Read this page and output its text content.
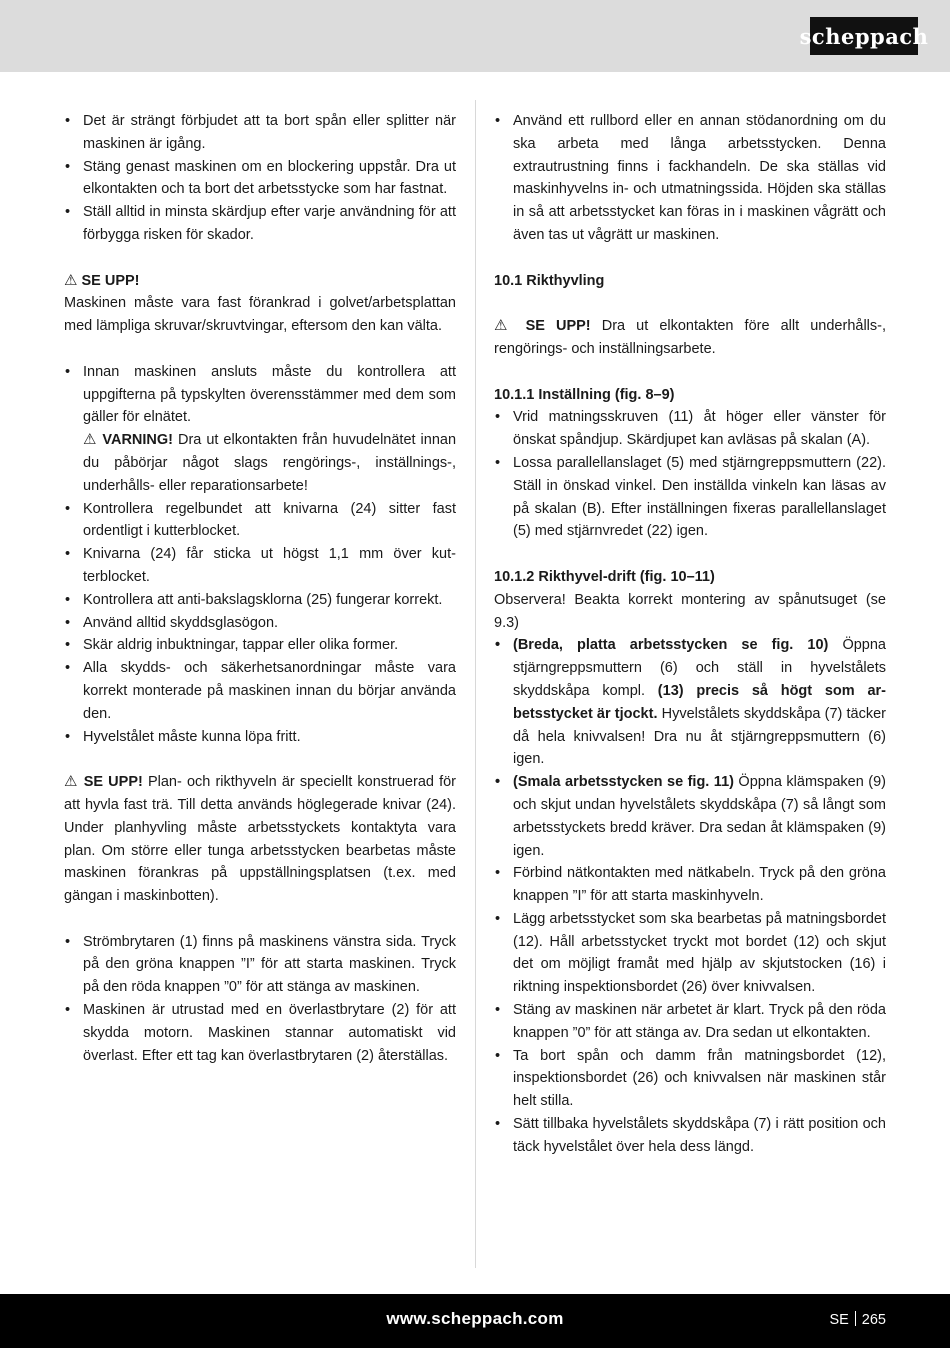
scheppach
• Det är strängt förbjudet att ta bort spån eller splitter när maskinen är igång.
• Stäng genast maskinen om en blockering uppstår. Dra ut elkontakten och ta bort det arbetsstycke som har fastnat.
• Ställ alltid in minsta skärdjup efter varje användning för att förbygga risken för skador.

⚠ SE UPP!

Maskinen måste vara fast förankrad i golvet/arbetsplattan med lämpliga skruvar/skruvtvingar, eftersom den kan välta.

• Innan maskinen ansluts måste du kontrollera att uppgifterna på typskylten överensstämmer med dem som gäller för elnätet.
⚠ VARNING! Dra ut elkontakten från huvudelnätet innan du påbörjar något slags rengörings-, inställnings-, underhålls- eller reparationsarbete!
• Kontrollera regelbundet att knivarna (24) sitter fast ordentligt i kutterblocket.
• Knivarna (24) får sticka ut högst 1,1 mm över kutterblocket.
• Kontrollera att anti-bakslagsklorna (25) fungerar korrekt.
• Använd alltid skyddsglasögon.
• Skär aldrig inbuktningar, tappar eller olika former.
• Alla skydds- och säkerhetsanordningar måste vara korrekt monterade på maskinen innan du börjar använda den.
• Hyvelstålet måste kunna löpa fritt.

⚠ SE UPP! Plan- och rikthyveln är speciellt konstruerad för att hyvla fast trä. Till detta används höglegerade knivar (24). Under planhyvling måste arbetsstyckets kontaktyta vara plan. Om större eller tunga arbetsstycken bearbetas måste maskinen förankras på uppställningsplatsen (t.ex. med gängan i maskinbotten).

• Strömbrytaren (1) finns på maskinens vänstra sida. Tryck på den gröna knappen ”I” för att starta maskinen. Tryck på den röda knappen ”0” för att stänga av maskinen.
• Maskinen är utrustad med en överlastbrytare (2) för att skydda motorn. Maskinen stannar automatiskt vid överlast. Efter ett tag kan överlastbrytaren (2) återställas.
• Använd ett rullbord eller en annan stödanordning om du ska arbeta med långa arbetsstycken. Denna extrautrustning finns i fackhandeln. De ska ställas vid maskinhyvelns in- och utmatningssida. Höjden ska ställas in så att arbetsstycket kan föras in i maskinen vågrätt och även tas ut vågrätt ur maskinen.

10.1 Rikthyvling

⚠ SE UPP! Dra ut elkontakten före allt underhålls-, rengörings- och inställningsarbete.

10.1.1 Inställning (fig. 8–9)

• Vrid matningsskruven (11) åt höger eller vänster för önskat spåndjup. Skärdjupet kan avläsas på skalan (A).
• Lossa parallellanslaget (5) med stjärngreppsmuttern (22). Ställ in önskad vinkel. Den inställda vinkeln kan läsas av på skalan (B). Efter inställningen fixeras parallellanslaget (5) med stjärnvredet (22) igen.

10.1.2 Rikthyvel-drift (fig. 10–11)

Observera! Beakta korrekt montering av spånutsuget (se 9.3)

• (Breda, platta arbetsstycken se fig. 10) Öppna stjärngreppsmuttern (6) och ställ in hyvelstålets skyddskåpa kompl. (13) precis så högt som arbetsstycket är tjockt. Hyvelstålets skyddskåpa (7) täcker då hela knivvalsen! Dra nu åt stjärngreppsmuttern (6) igen.
• (Smala arbetsstycken se fig. 11) Öppna klämspaken (9) och skjut undan hyvelstålets skyddskåpa (7) så långt som arbetsstyckets bredd kräver. Dra sedan åt klämspaken (9) igen.
• Förbind nätkontakten med nätkabeln. Tryck på den gröna knappen ”I” för att starta maskinhyveln.
• Lägg arbetsstycket som ska bearbetas på matningsbordet (12). Håll arbetsstycket tryckt mot bordet (12) och skjut det om möjligt framåt med hjälp av skjutstocken (16) i riktning inspektionsbordet (26) över knivvalsen.
• Stäng av maskinen när arbetet är klart. Tryck på den röda knappen ”0” för att stänga av. Dra sedan ut elkontakten.
• Ta bort spån och damm från matningsbordet (12), inspektionsbordet (26) och knivvalsen när maskinen står helt stilla.
• Sätt tillbaka hyvelstålets skyddskåpa (7) i rätt position och täck hyvelstålet över hela dess längd.
www.scheppach.com	SE 265
